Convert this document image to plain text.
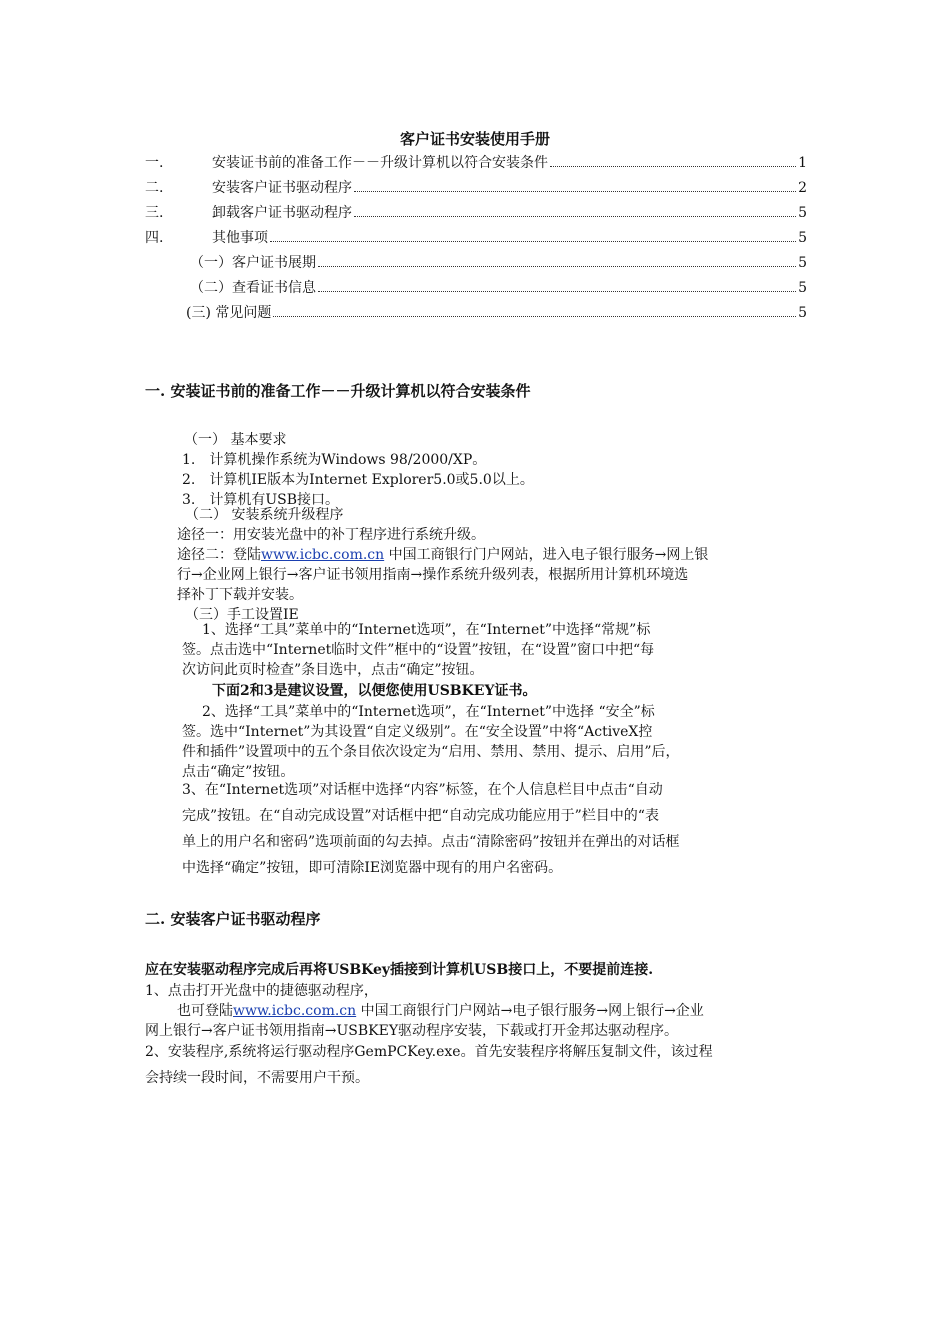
客户证书安装使用手册
一.	安装证书前的准备工作－－升级计算机以符合安装条件	1
二.	安装客户证书驱动程序	2
三.	卸载客户证书驱动程序	5
四.	其他事项	5
（一）客户证书展期	5
（二）查看证书信息	5
(三) 常见问题	5
一. 安装证书前的准备工作－－升级计算机以符合安装条件
（一） 基本要求
1.　计算机操作系统为Windows 98/2000/XP。
2.　计算机IE版本为Internet Explorer5.0或5.0以上。
3.　计算机有USB接口。
（二） 安装系统升级程序
途径一：用安装光盘中的补丁程序进行系统升级。
途径二：登陆www.icbc.com.cn 中国工商银行门户网站，进入电子银行服务→网上银
行→企业网上银行→客户证书领用指南→操作系统升级列表，根据所用计算机环境选
择补丁下载并安装。
（三）手工设置IE
1、选择“工具”菜单中的“Internet选项”，在“Internet”中选择“常规”标
签。点击选中“Internet临时文件”框中的“设置”按钮，在“设置”窗口中把“每
次访问此页时检查”条目选中，点击“确定”按钮。
下面2和3是建议设置，以便您使用USBKEY证书。
2、选择“工具”菜单中的“Internet选项”，在“Internet”中选择 “安全”标
签。选中“Internet”为其设置“自定义级别”。在“安全设置”中将“ActiveX控
件和插件”设置项中的五个条目依次设定为“启用、禁用、禁用、提示、启用”后，
点击“确定”按钮。
3、在“Internet选项”对话框中选择“内容”标签，在个人信息栏目中点击“自动
完成”按钮。在“自动完成设置”对话框中把“自动完成功能应用于”栏目中的“表
单上的用户名和密码”选项前面的勾去掉。点击“清除密码”按钮并在弹出的对话框
中选择“确定”按钮，即可清除IE浏览器中现有的用户名密码。
二. 安装客户证书驱动程序
应在安装驱动程序完成后再将USBKey插接到计算机USB接口上，不要提前连接.
1、点击打开光盘中的捷德驱动程序，
也可登陆www.icbc.com.cn 中国工商银行门户网站→电子银行服务→网上银行→企业
网上银行→客户证书领用指南→USBKEY驱动程序安装，下载或打开金邦达驱动程序。
2、安装程序,系统将运行驱动程序GemPCKey.exe。首先安装程序将解压复制文件，该过程
会持续一段时间，不需要用户干预。
